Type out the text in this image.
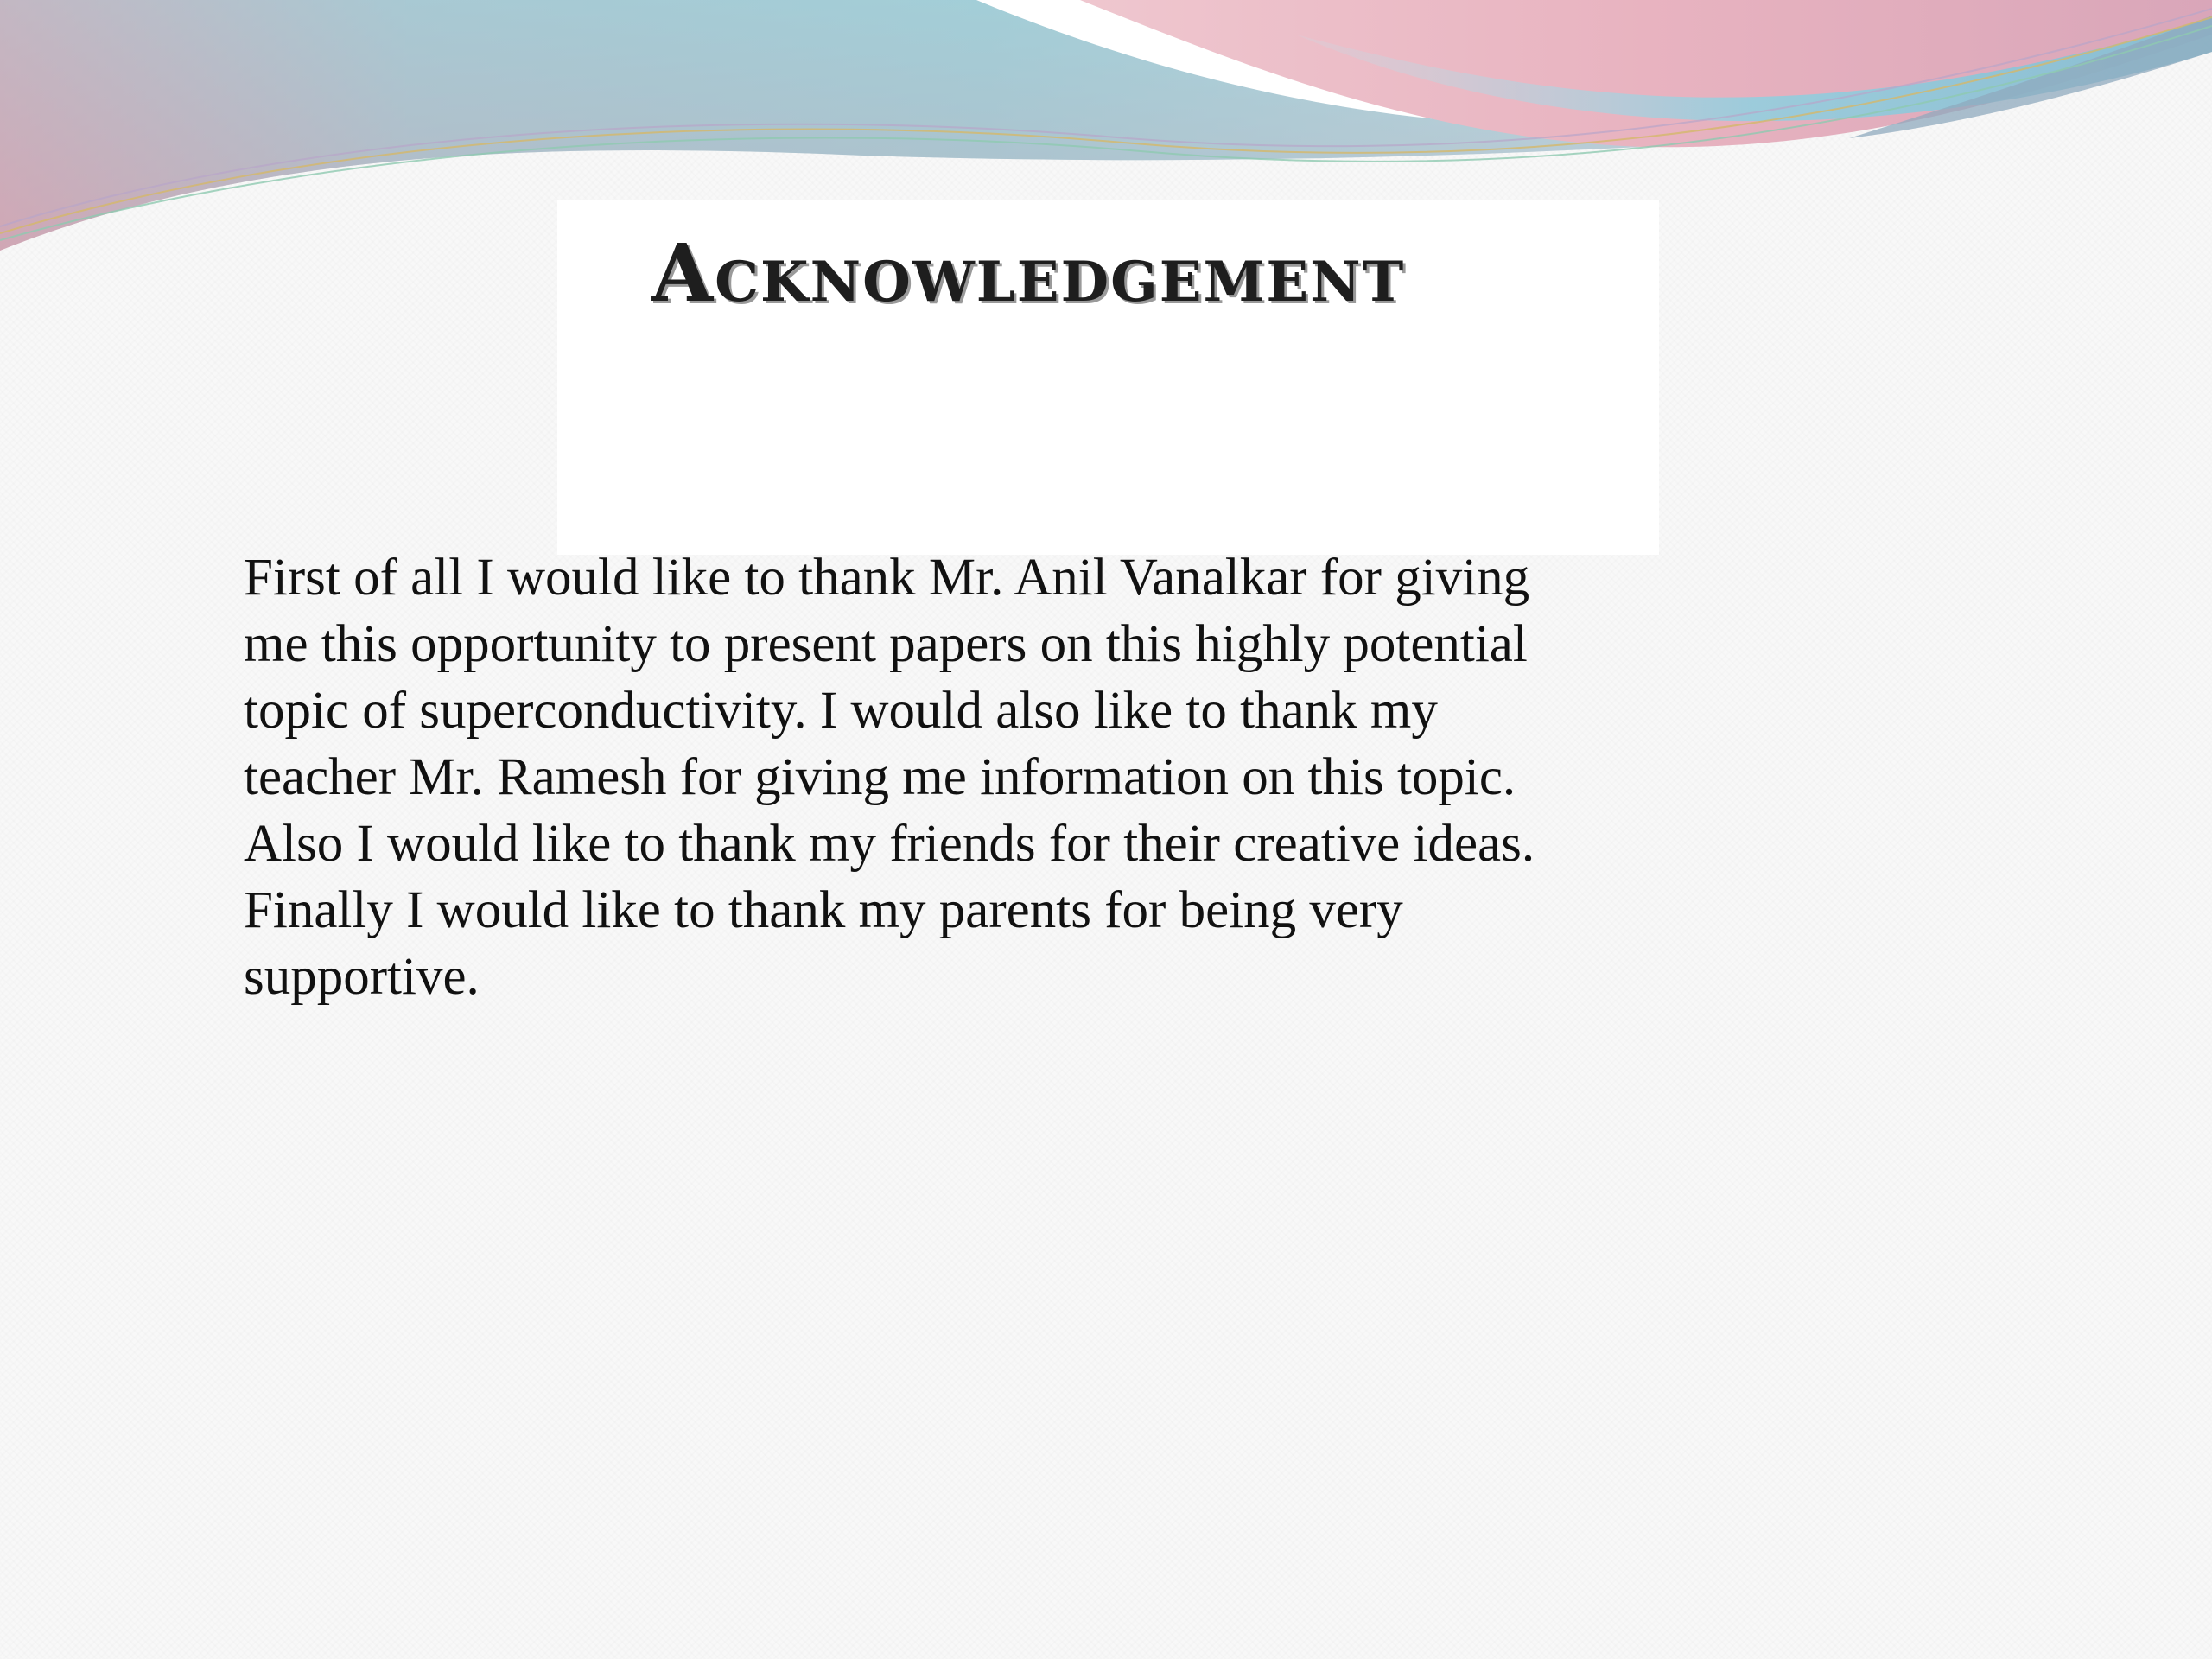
Acknowledgement

First of all I would like to thank Mr. Anil Vanalkar for giving
me this opportunity to present papers on this highly potential
topic of superconductivity. I would also like to thank my
teacher Mr. Ramesh for giving me information on this topic.
Also I would like to thank my friends for their creative ideas.
Finally I would like to thank my parents for being very
supportive.
